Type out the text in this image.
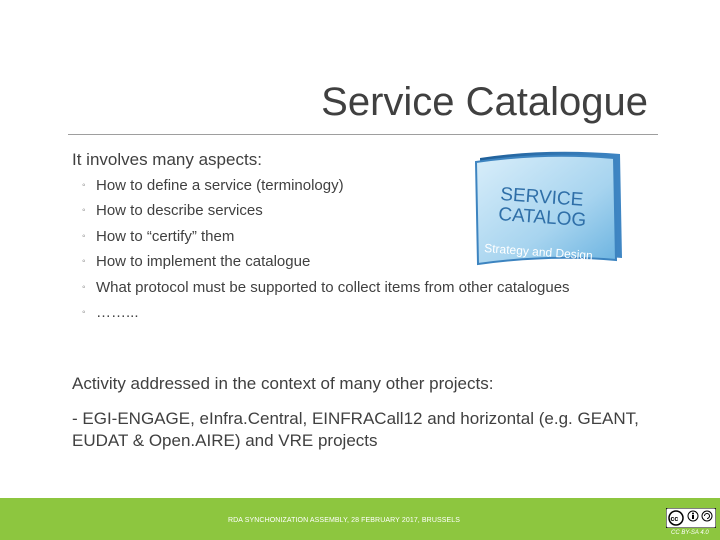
Service Catalogue
It involves many aspects:
◦ How to define a service (terminology)
◦ How to describe services
◦ How to “certify” them
◦ How to implement the catalogue
◦ What protocol must be supported to collect items from other catalogues
◦ ……...
SERVICE
CATALOG
Strategy and Design
Activity addressed in the context of many other projects:
- EGI-ENGAGE, eInfra.Central, EINFRACall12 and horizontal (e.g. GEANT, EUDAT & Open.AIRE) and VRE projects
RDA SYNCHONIZATION ASSEMBLY, 28 FEBRUARY 2017, BRUSSELS	cc
CC BY-SA 4.0
